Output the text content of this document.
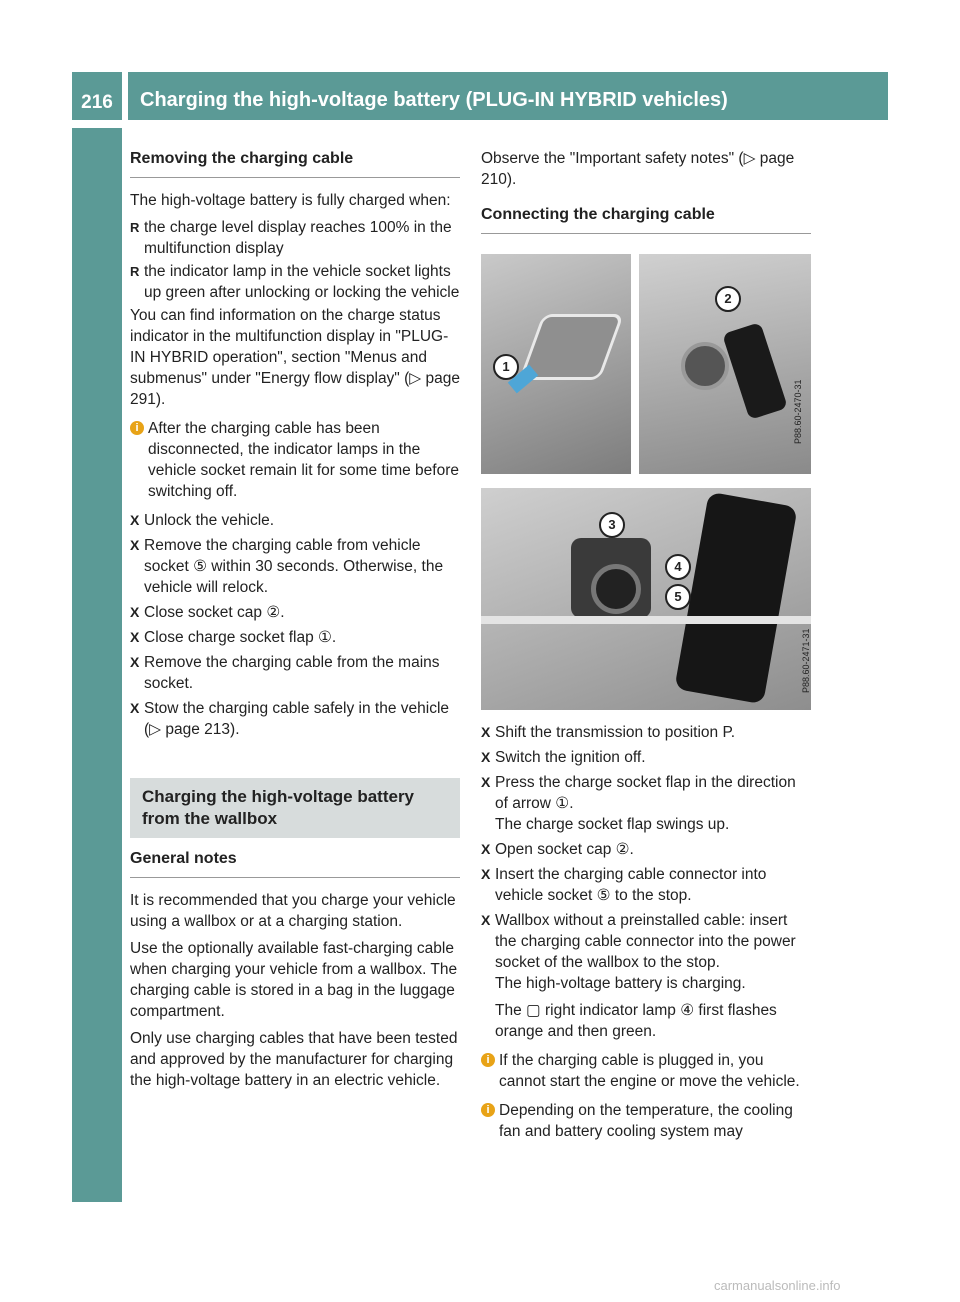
216	Charging the high-voltage battery (PLUG-IN HYBRID vehicles)
Driving and parking
Removing the charging cable

The high-voltage battery is fully charged when:

R the charge level display reaches 100% in the multifunction display
R the indicator lamp in the vehicle socket lights up green after unlocking or locking the vehicle

You can find information on the charge status indicator in the multifunction display in "PLUG-IN HYBRID operation", section "Menus and submenus" under "Energy flow display" (▷ page 291).

i After the charging cable has been disconnected, the indicator lamps in the vehicle socket remain lit for some time before switching off.
X Unlock the vehicle.
X Remove the charging cable from vehicle socket ⑤ within 30 seconds. Otherwise, the vehicle will relock.
X Close socket cap ②.
X Close charge socket flap ①.
X Remove the charging cable from the mains socket.
X Stow the charging cable safely in the vehicle (▷ page 213).
Charging the high-voltage battery from the wallbox
General notes

It is recommended that you charge your vehicle using a wallbox or at a charging station.

Use the optionally available fast-charging cable when charging your vehicle from a wallbox. The charging cable is stored in a bag in the luggage compartment.

Only use charging cables that have been tested and approved by the manufacturer for charging the high-voltage battery in an electric vehicle.

Observe the "Important safety notes" (▷ page 210).

Connecting the charging cable
1
2
P88.60-2470-31
3
4
5
P88.60-2471-31
X Shift the transmission to position P.
X Switch the ignition off.
X Press the charge socket flap in the direction of arrow ①.
The charge socket flap swings up.
X Open socket cap ②.
X Insert the charging cable connector into vehicle socket ⑤ to the stop.
X Wallbox without a preinstalled cable: insert the charging cable connector into the power socket of the wallbox to the stop.
The high-voltage battery is charging.
The ▢ right indicator lamp ④ first flashes orange and then green.
i If the charging cable is plugged in, you cannot start the engine or move the vehicle.
i Depending on the temperature, the cooling fan and battery cooling system may
carmanualsonline.info
